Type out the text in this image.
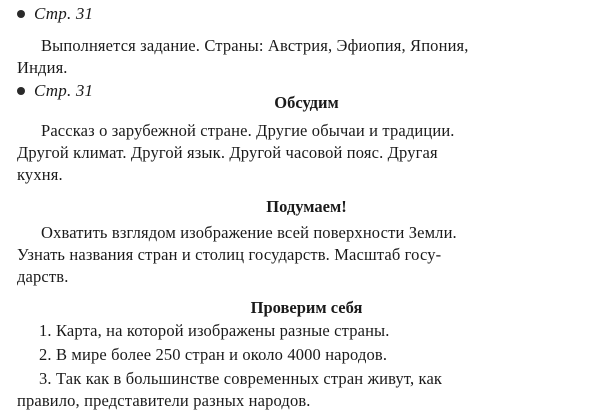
Стр. 31

Выполняется задание. Страны: Австрия, Эфиопия, Япония,
Индия.

Стр. 31
Обсудим

Рассказ о зарубежной стране. Другие обычаи и традиции.
Другой климат. Другой язык. Другой часовой пояс. Другая
кухня.

Подумаем!

Охватить взглядом изображение всей поверхности Земли.
Узнать названия стран и столиц государств. Масштаб госу-
дарств.

Проверим себя

1. Карта, на которой изображены разные страны.

2. В мире более 250 стран и около 4000 народов.

3. Так как в большинстве современных стран живут, как
правило, представители разных народов.
